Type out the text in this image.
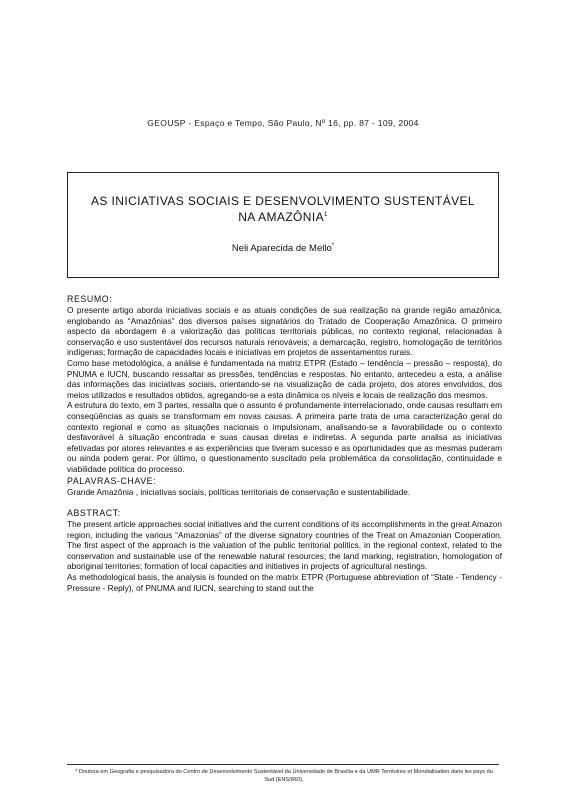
GEOUSP - Espaço e Tempo, São Paulo, Nº 16, pp. 87 - 109, 2004
AS INICIATIVAS SOCIAIS E DESENVOLVIMENTO SUSTENTÁVEL
NA AMAZÔNIA$^1$
Neli Aparecida de Mello*
RESUMO:

O presente artigo aborda iniciativas sociais e as atuais condições de sua realização na grande região amazônica, englobando as “Amazônias” dos diversos países signatários do Tratado de Cooperação Amazônica. O primeiro aspecto da abordagem é a valorização das políticas territoriais públicas, no contexto regional, relacionadas à conservação e uso sustentável dos recursos naturais renováveis; a demarcação, registro, homologação de territórios indígenas; formação de capacidades locais e iniciativas em projetos de assentamentos rurais.

Como base metodológica, a análise é fundamentada na matriz ETPR (Estado – tendência – pressão – resposta), do PNUMA e IUCN, buscando ressaltar as pressões, tendências e respostas. No entanto, antecedeu a esta, a análise das informações das iniciativas sociais, orientando-se na visualização de cada projeto, dos atores envolvidos, dos meios utilizados e resultados obtidos, agregando-se a esta dinâmica os níveis e locais de realização dos mesmos.

A estrutura do texto, em 3 partes, ressalta que o assunto é profundamente interrelacionado, onde causas resultam em conseqüências as quais se transformam em novas causas. A primeira parte trata de uma caracterização geral do contexto regional e como as situações nacionais o impulsionam, analisando-se a favorabilidade ou o contexto desfavorável à situação encontrada e suas causas diretas e indiretas. A segunda parte analisa as iniciativas efetivadas por atores relevantes e as experiências que tiveram sucesso e as oportunidades que as mesmas puderam ou ainda podem gerar. Por último, o questionamento suscitado pela problemática da consolidação, continuidade e viabilidade política do processo.

PALAVRAS-CHAVE:
Grande Amazônia , iniciativas sociais, políticas territoriais de conservação e sustentabilidade.
ABSTRACT:

The present article approaches social initiatives and the current conditions of its accomplishments in the great Amazon region, including the various “Amazonias” of the diverse signatory countries of the Treat on Amazonian Cooperation. The first aspect of the approach is the valuation of the public territorial politics, in the regional context, related to the conservation and sustainable use of the renewable natural resources; the land marking, registration, homologation of aboriginal territories; formation of local capacities and initiatives in projects of agricultural nestings.

As methodological basis, the analysis is founded on the matrix ETPR (Portuguese abbreviation of “State - Tendency - Pressure - Reply), of PNUMA and IUCN, searching to stand out the

* Doutora em Geografia e pesquisadora do Centro de Desenvolvimento Sustentável da Universidade de Brasília e da UMR Territoires et Mondialisation dans les pays du Sud (ENS/IRD).
